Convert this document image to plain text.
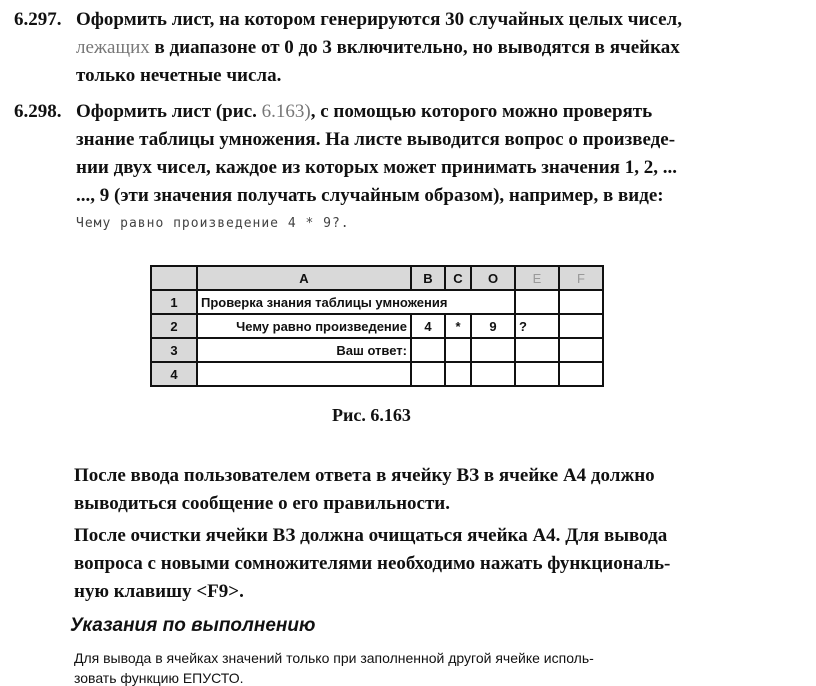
6.297. Оформить лист, на котором генерируются 30 случайных целых чисел,
лежащих в диапазоне от 0 до 3 включительно, но выводятся в ячейках
только нечетные числа.
6.298. Оформить лист (рис. 6.163), с помощью которого можно проверять
знание таблицы умножения. На листе выводится вопрос о произведе-
нии двух чисел, каждое из которых может принимать значения 1, 2, ...
..., 9 (эти значения получать случайным образом), например, в виде:
Чему равно произведение 4 * 9?.
	A	B	C	O	E	F
1	Проверка знания таблицы умножения					
2	Чему равно произведение	4	*	9	?	
3	Ваш ответ:					
4						
Рис. 6.163
После ввода пользователем ответа в ячейку ВЗ в ячейке А4 должно
выводиться сообщение о его правильности.
После очистки ячейки ВЗ должна очищаться ячейка А4. Для вывода
вопроса с новыми сомножителями необходимо нажать функциональ-
ную клавишу <F9>.
Указания по выполнению
Для вывода в ячейках значений только при заполненной другой ячейке исполь-
зовать функцию ЕПУСТО.
